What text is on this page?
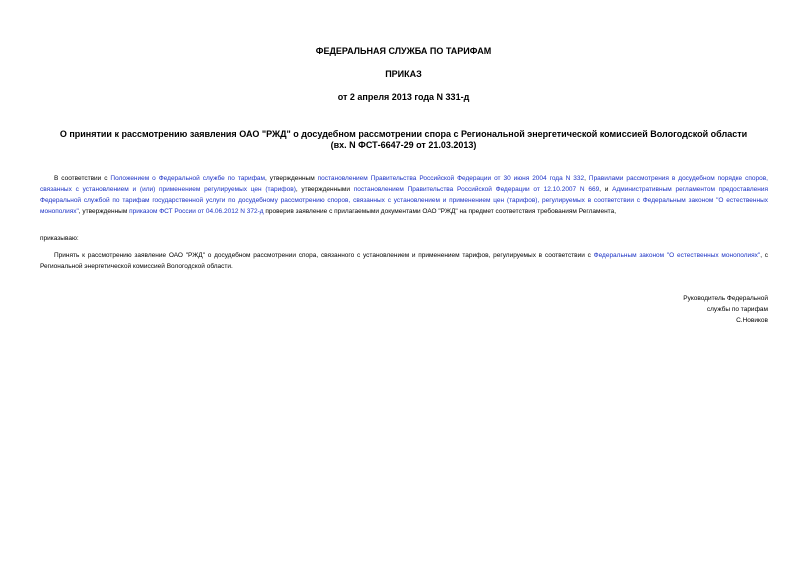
ФЕДЕРАЛЬНАЯ СЛУЖБА ПО ТАРИФАМ
ПРИКАЗ
от 2 апреля 2013 года N 331-д
О принятии к рассмотрению заявления ОАО "РЖД" о досудебном рассмотрении спора с Региональной энергетической комиссией Вологодской области
(вх. N ФСТ-6647-29 от 21.03.2013)

В соответствии с Положением о Федеральной службе по тарифам, утвержденным постановлением Правительства Российской Федерации от 30 июня 2004 года N 332, Правилами рассмотрения в досудебном порядке споров, связанных с установлением и (или) применением регулируемых цен (тарифов), утвержденными постановлением Правительства Российской Федерации от 12.10.2007 N 669, и Административным регламентом предоставления Федеральной службой по тарифам государственной услуги по досудебному рассмотрению споров, связанных с установлением и применением цен (тарифов), регулируемых в соответствии с Федеральным законом "О естественных монополиях", утвержденным приказом ФСТ России от 04.06.2012 N 372-д проверив заявление с прилагаемыми документами ОАО "РЖД" на предмет соответствия требованиям Регламента,

приказываю:

Принять к рассмотрению заявление ОАО "РЖД" о досудебном рассмотрении спора, связанного с установлением и применением тарифов, регулируемых в соответствии с Федеральным законом "О естественных монополиях", с Региональной энергетической комиссией Вологодской области.

Руководитель Федеральной
службы по тарифам
С.Новиков
